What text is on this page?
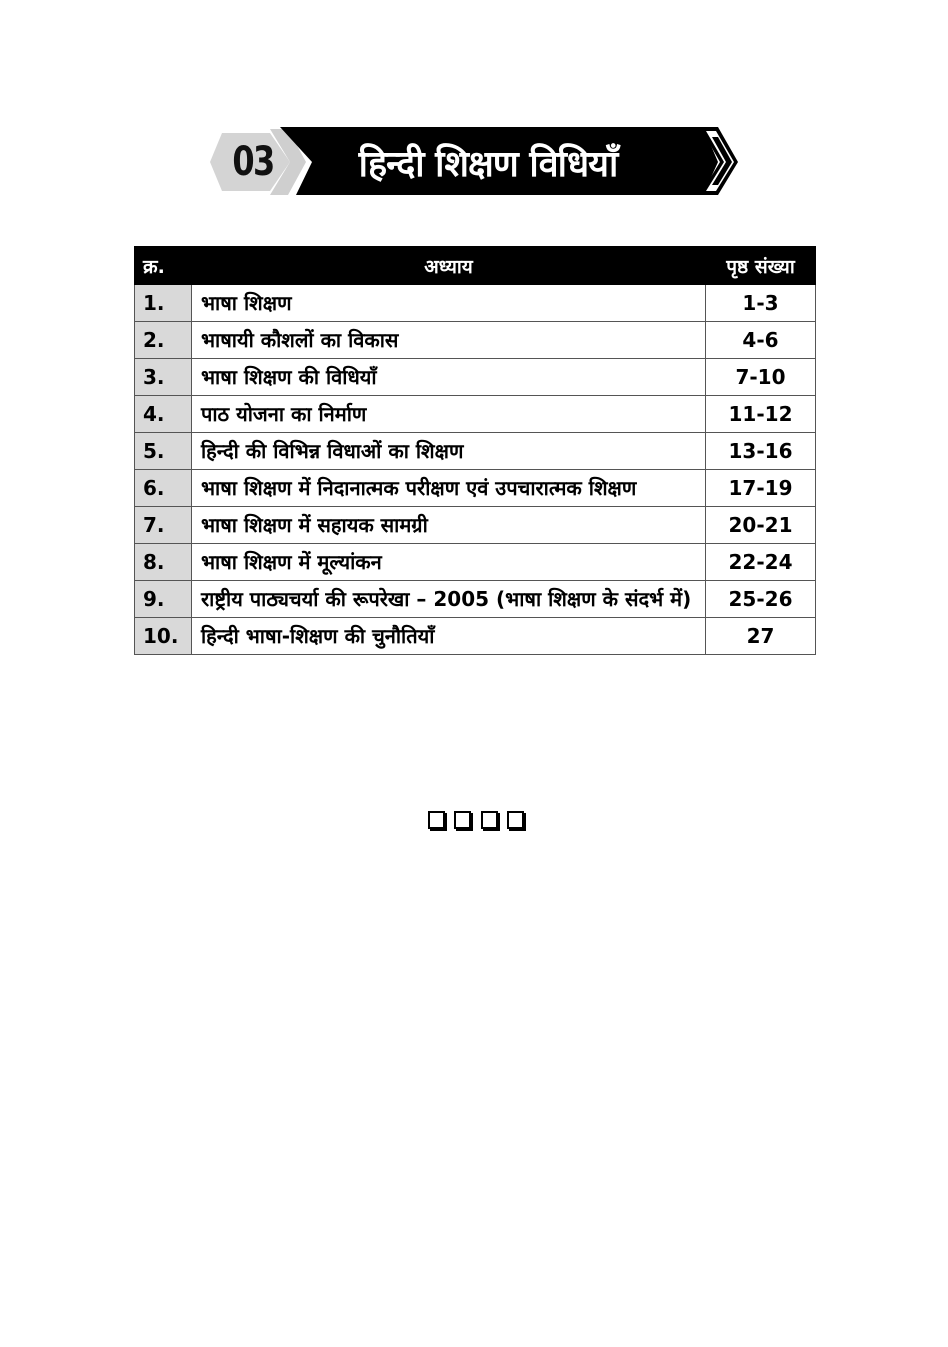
03	हिन्दी शिक्षण विधियाँ
क्र.	अध्याय	पृष्ठ संख्या
1.	भाषा शिक्षण	1-3
2.	भाषायी कौशलों का विकास	4-6
3.	भाषा शिक्षण की विधियाँ	7-10
4.	पाठ योजना का निर्माण	11-12
5.	हिन्दी की विभिन्न विधाओं का शिक्षण	13-16
6.	भाषा शिक्षण में निदानात्मक परीक्षण एवं उपचारात्मक शिक्षण	17-19
7.	भाषा शिक्षण में सहायक सामग्री	20-21
8.	भाषा शिक्षण में मूल्यांकन	22-24
9.	राष्ट्रीय पाठ्यचर्या की रूपरेखा – 2005 (भाषा शिक्षण के संदर्भ में)	25-26
10.	हिन्दी भाषा-शिक्षण की चुनौतियाँ	27
